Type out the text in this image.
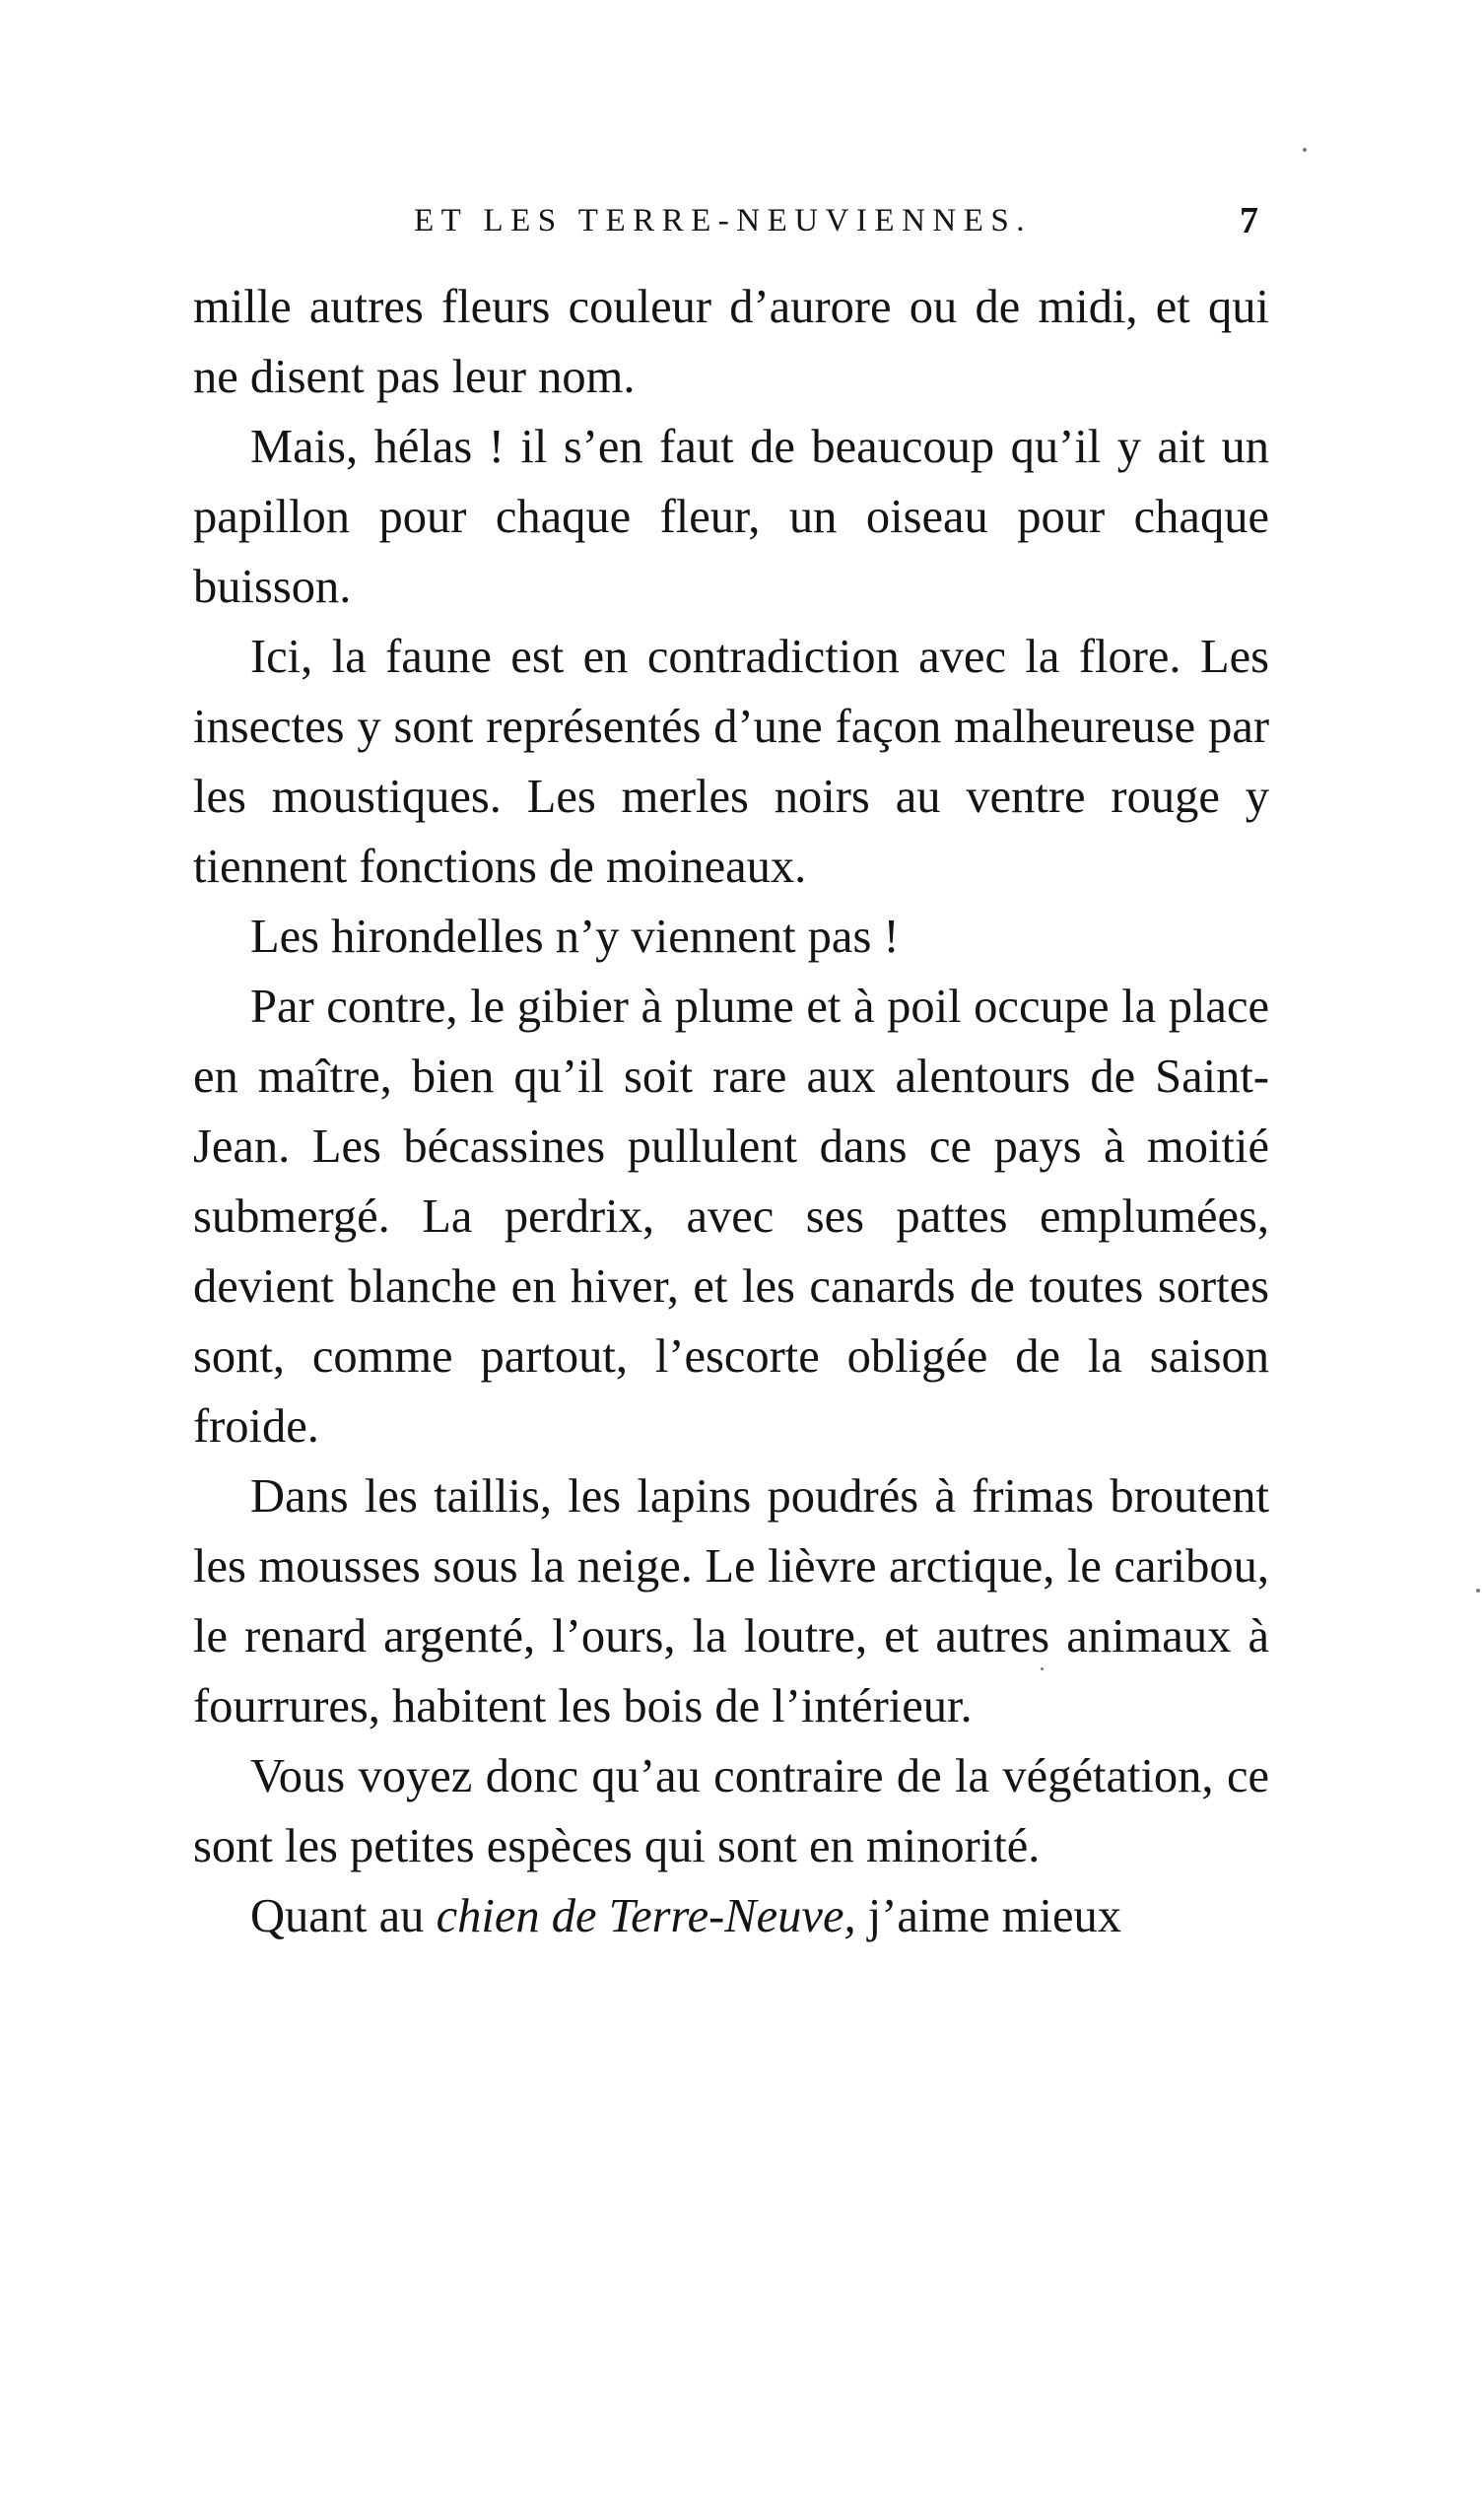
ET LES TERRE-NEUVIENNES.	7

mille autres fleurs couleur d’aurore ou de midi, et qui ne disent pas leur nom.

Mais, hélas ! il s’en faut de beaucoup qu’il y ait un papillon pour chaque fleur, un oiseau pour chaque buisson.

Ici, la faune est en contradiction avec la flore. Les insectes y sont représentés d’une façon malheureuse par les moustiques. Les merles noirs au ventre rouge y tiennent fonctions de moineaux.

Les hirondelles n’y viennent pas !

Par contre, le gibier à plume et à poil occupe la place en maître, bien qu’il soit rare aux alentours de Saint-Jean. Les bécassines pullulent dans ce pays à moitié submergé. La perdrix, avec ses pattes emplumées, devient blanche en hiver, et les canards de toutes sortes sont, comme partout, l’escorte obligée de la saison froide.

Dans les taillis, les lapins poudrés à frimas broutent les mousses sous la neige. Le lièvre arctique, le caribou, le renard argenté, l’ours, la loutre, et autres animaux à fourrures, habitent les bois de l’intérieur.

Vous voyez donc qu’au contraire de la végétation, ce sont les petites espèces qui sont en minorité.

Quant au chien de Terre-Neuve, j’aime mieux
